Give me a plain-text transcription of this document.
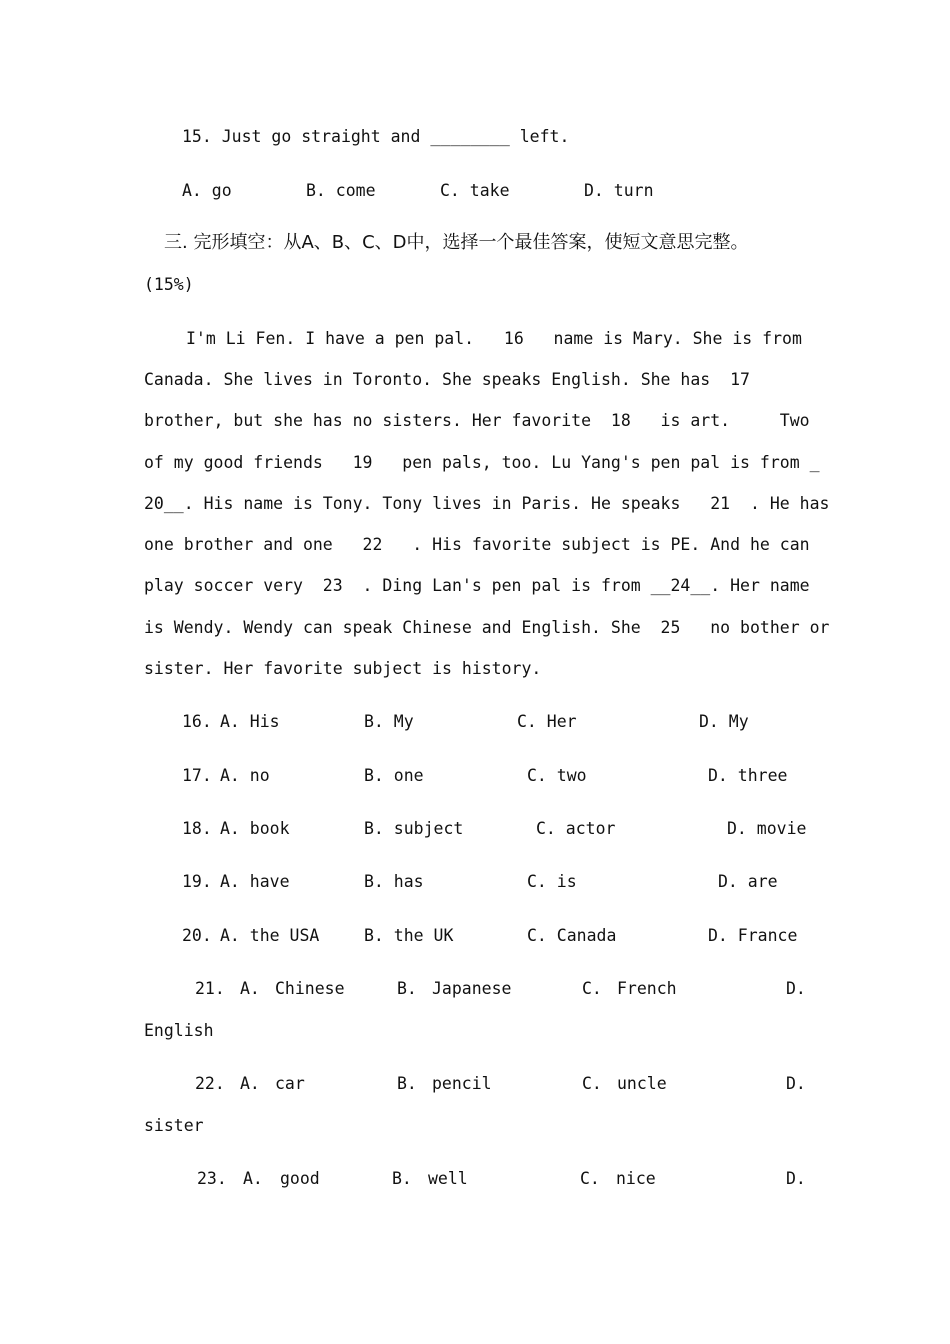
15. Just go straight and ________ left.
A. go	B. come	C. take	D. turn
三. 完形填空：从A、B、C、D中，选择一个最佳答案，使短文意思完整。
(15%)
I'm Li Fen. I have a pen pal.   16   name is Mary. She is from
Canada. She lives in Toronto. She speaks English. She has  17
brother, but she has no sisters. Her favorite  18   is art.     Two
of my good friends   19   pen pals, too. Lu Yang's pen pal is from _
20__. His name is Tony. Tony lives in Paris. He speaks   21  . He has
one brother and one   22   . His favorite subject is PE. And he can
play soccer very  23  . Ding Lan's pen pal is from __24__. Her name
is Wendy. Wendy can speak Chinese and English. She  25   no bother or
sister. Her favorite subject is history.
16. A. His	B. My	C. Her	D. My
17. A. no	B. one	C. two	D. three
18. A. book	B. subject	C. actor	D. movie
19. A. have	B. has	C. is	D. are
20. A. the USA	B. the UK	C. Canada	D. France
21. A. Chinese	B. Japanese	C. French	D.
English
22. A. car	B. pencil	C. uncle	D.
sister
23. A. good	B. well	C. nice	D.
